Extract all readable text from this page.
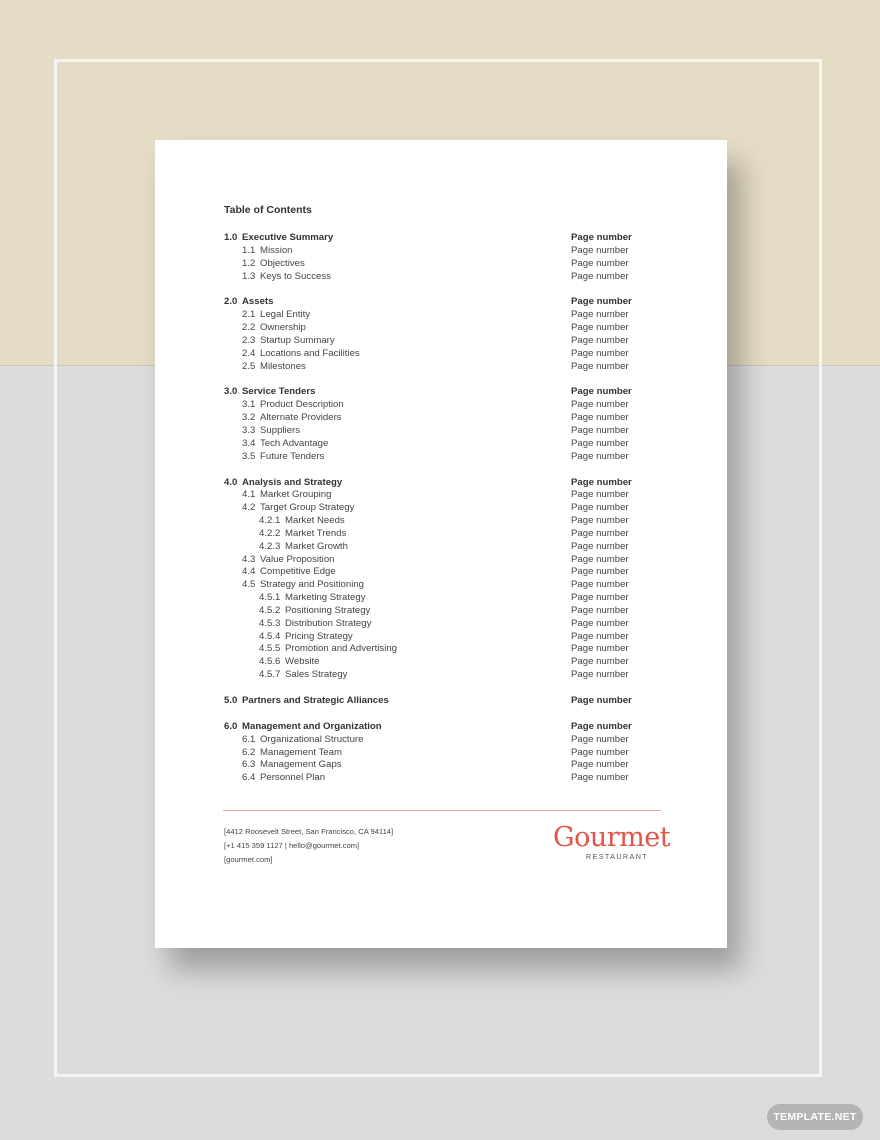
Table of Contents
1.0 Executive Summary	Page number
1.1 Mission	Page number
1.2 Objectives	Page number
1.3 Keys to Success	Page number
2.0 Assets	Page number
2.1 Legal Entity	Page number
2.2 Ownership	Page number
2.3 Startup Summary	Page number
2.4 Locations and Facilities	Page number
2.5 Milestones	Page number
3.0 Service Tenders	Page number
3.1 Product Description	Page number
3.2 Alternate Providers	Page number
3.3 Suppliers	Page number
3.4 Tech Advantage	Page number
3.5 Future Tenders	Page number
4.0 Analysis and Strategy	Page number
4.1 Market Grouping	Page number
4.2 Target Group Strategy	Page number
4.2.1 Market Needs	Page number
4.2.2 Market Trends	Page number
4.2.3 Market Growth	Page number
4.3 Value Proposition	Page number
4.4 Competitive Edge	Page number
4.5 Strategy and Positioning	Page number
4.5.1 Marketing Strategy	Page number
4.5.2 Positioning Strategy	Page number
4.5.3 Distribution Strategy	Page number
4.5.4 Pricing Strategy	Page number
4.5.5 Promotion and Advertising	Page number
4.5.6 Website	Page number
4.5.7 Sales Strategy	Page number
5.0 Partners and Strategic Alliances	Page number
6.0 Management and Organization	Page number
6.1 Organizational Structure	Page number
6.2 Management Team	Page number
6.3 Management Gaps	Page number
6.4 Personnel Plan	Page number
[4412 Roosevelt Street, San Francisco, CA 94114]
[+1 415 359 1127 | hello@gourmet.com]
[gourmet.com]
Gourmet
RESTAURANT
TEMPLATE.NET
